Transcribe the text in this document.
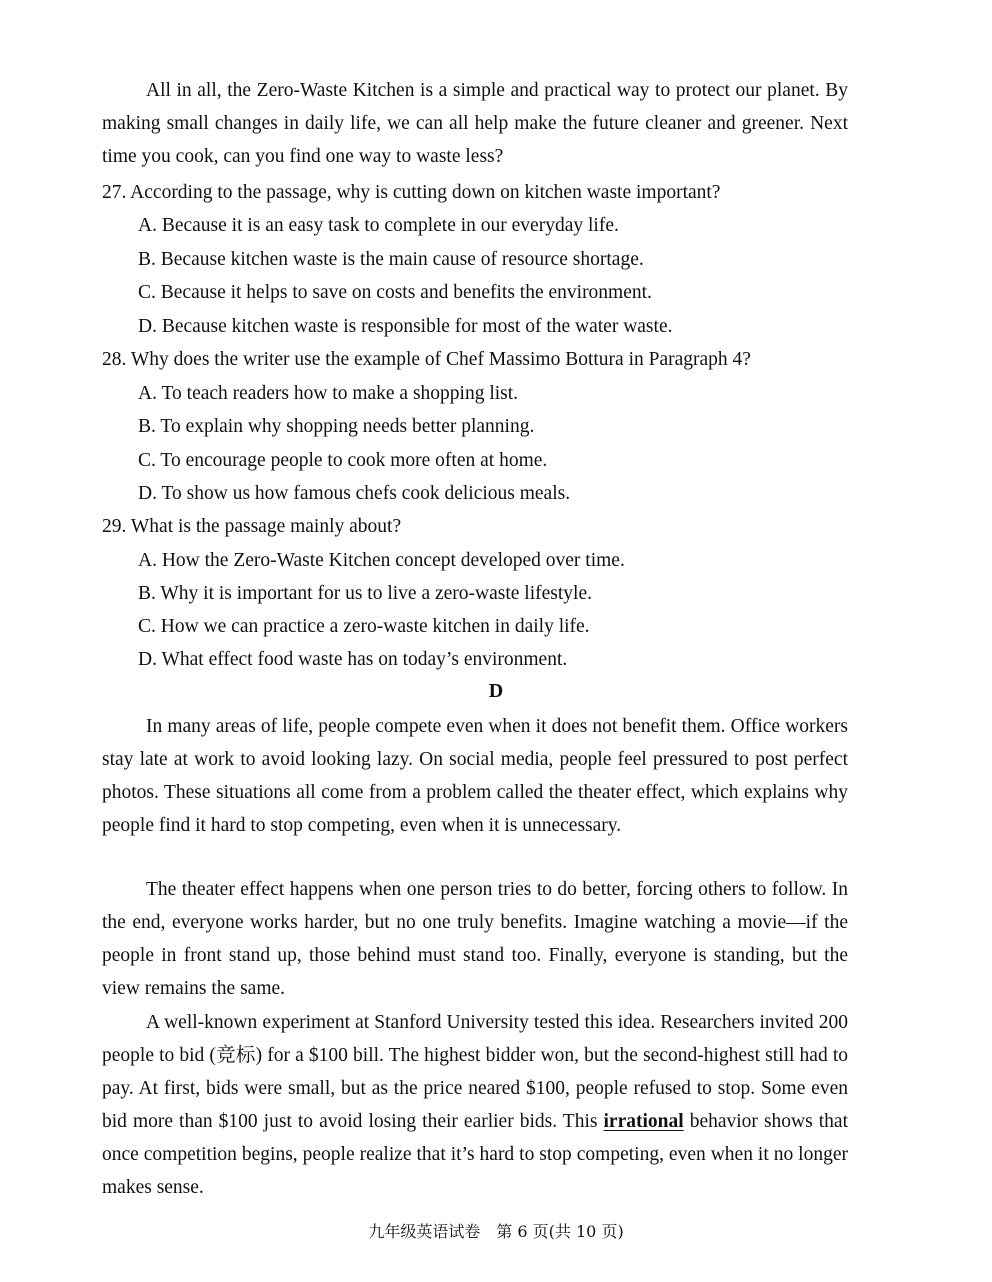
All in all, the Zero-Waste Kitchen is a simple and practical way to protect our planet. By making small changes in daily life, we can all help make the future cleaner and greener. Next time you cook, can you find one way to waste less?

27. According to the passage, why is cutting down on kitchen waste important?

A. Because it is an easy task to complete in our everyday life.

B. Because kitchen waste is the main cause of resource shortage.

C. Because it helps to save on costs and benefits the environment.

D. Because kitchen waste is responsible for most of the water waste.

28. Why does the writer use the example of Chef Massimo Bottura in Paragraph 4?

A. To teach readers how to make a shopping list.

B. To explain why shopping needs better planning.

C. To encourage people to cook more often at home.

D. To show us how famous chefs cook delicious meals.

29. What is the passage mainly about?

A. How the Zero-Waste Kitchen concept developed over time.

B. Why it is important for us to live a zero-waste lifestyle.

C. How we can practice a zero-waste kitchen in daily life.

D. What effect food waste has on today’s environment.

D

In many areas of life, people compete even when it does not benefit them. Office workers stay late at work to avoid looking lazy. On social media, people feel pressured to post perfect photos. These situations all come from a problem called the theater effect, which explains why people find it hard to stop competing, even when it is unnecessary.

The theater effect happens when one person tries to do better, forcing others to follow. In the end, everyone works harder, but no one truly benefits. Imagine watching a movie—if the people in front stand up, those behind must stand too. Finally, everyone is standing, but the view remains the same.

A well-known experiment at Stanford University tested this idea. Researchers invited 200 people to bid (竞标) for a $100 bill. The highest bidder won, but the second-highest still had to pay. At first, bids were small, but as the price neared $100, people refused to stop. Some even bid more than $100 just to avoid losing their earlier bids. This irrational behavior shows that once competition begins, people realize that it’s hard to stop competing, even when it no longer makes sense.

九年级英语试卷　第 6 页(共 10 页)
